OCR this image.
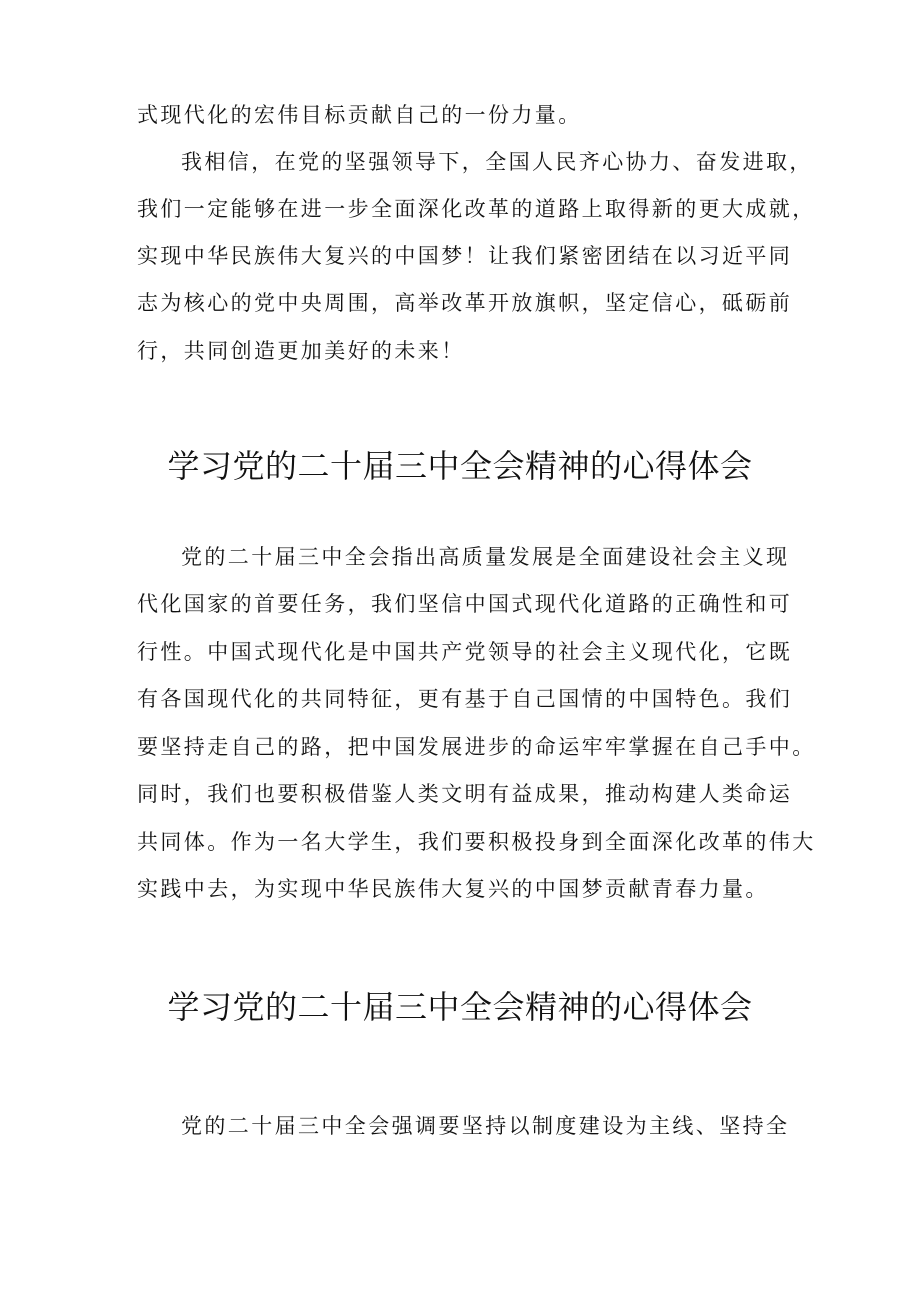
式现代化的宏伟目标贡献自己的一份力量。
我相信，在党的坚强领导下，全国人民齐心协力、奋发进取，
我们一定能够在进一步全面深化改革的道路上取得新的更大成就，
实现中华民族伟大复兴的中国梦！让我们紧密团结在以习近平同
志为核心的党中央周围，高举改革开放旗帜，坚定信心，砥砺前
行，共同创造更加美好的未来！
学习党的二十届三中全会精神的心得体会
党的二十届三中全会指出高质量发展是全面建设社会主义现
代化国家的首要任务，我们坚信中国式现代化道路的正确性和可
行性。中国式现代化是中国共产党领导的社会主义现代化，它既
有各国现代化的共同特征，更有基于自己国情的中国特色。我们
要坚持走自己的路，把中国发展进步的命运牢牢掌握在自己手中。
同时，我们也要积极借鉴人类文明有益成果，推动构建人类命运
共同体。作为一名大学生，我们要积极投身到全面深化改革的伟大
实践中去，为实现中华民族伟大复兴的中国梦贡献青春力量。
学习党的二十届三中全会精神的心得体会
党的二十届三中全会强调要坚持以制度建设为主线、坚持全
